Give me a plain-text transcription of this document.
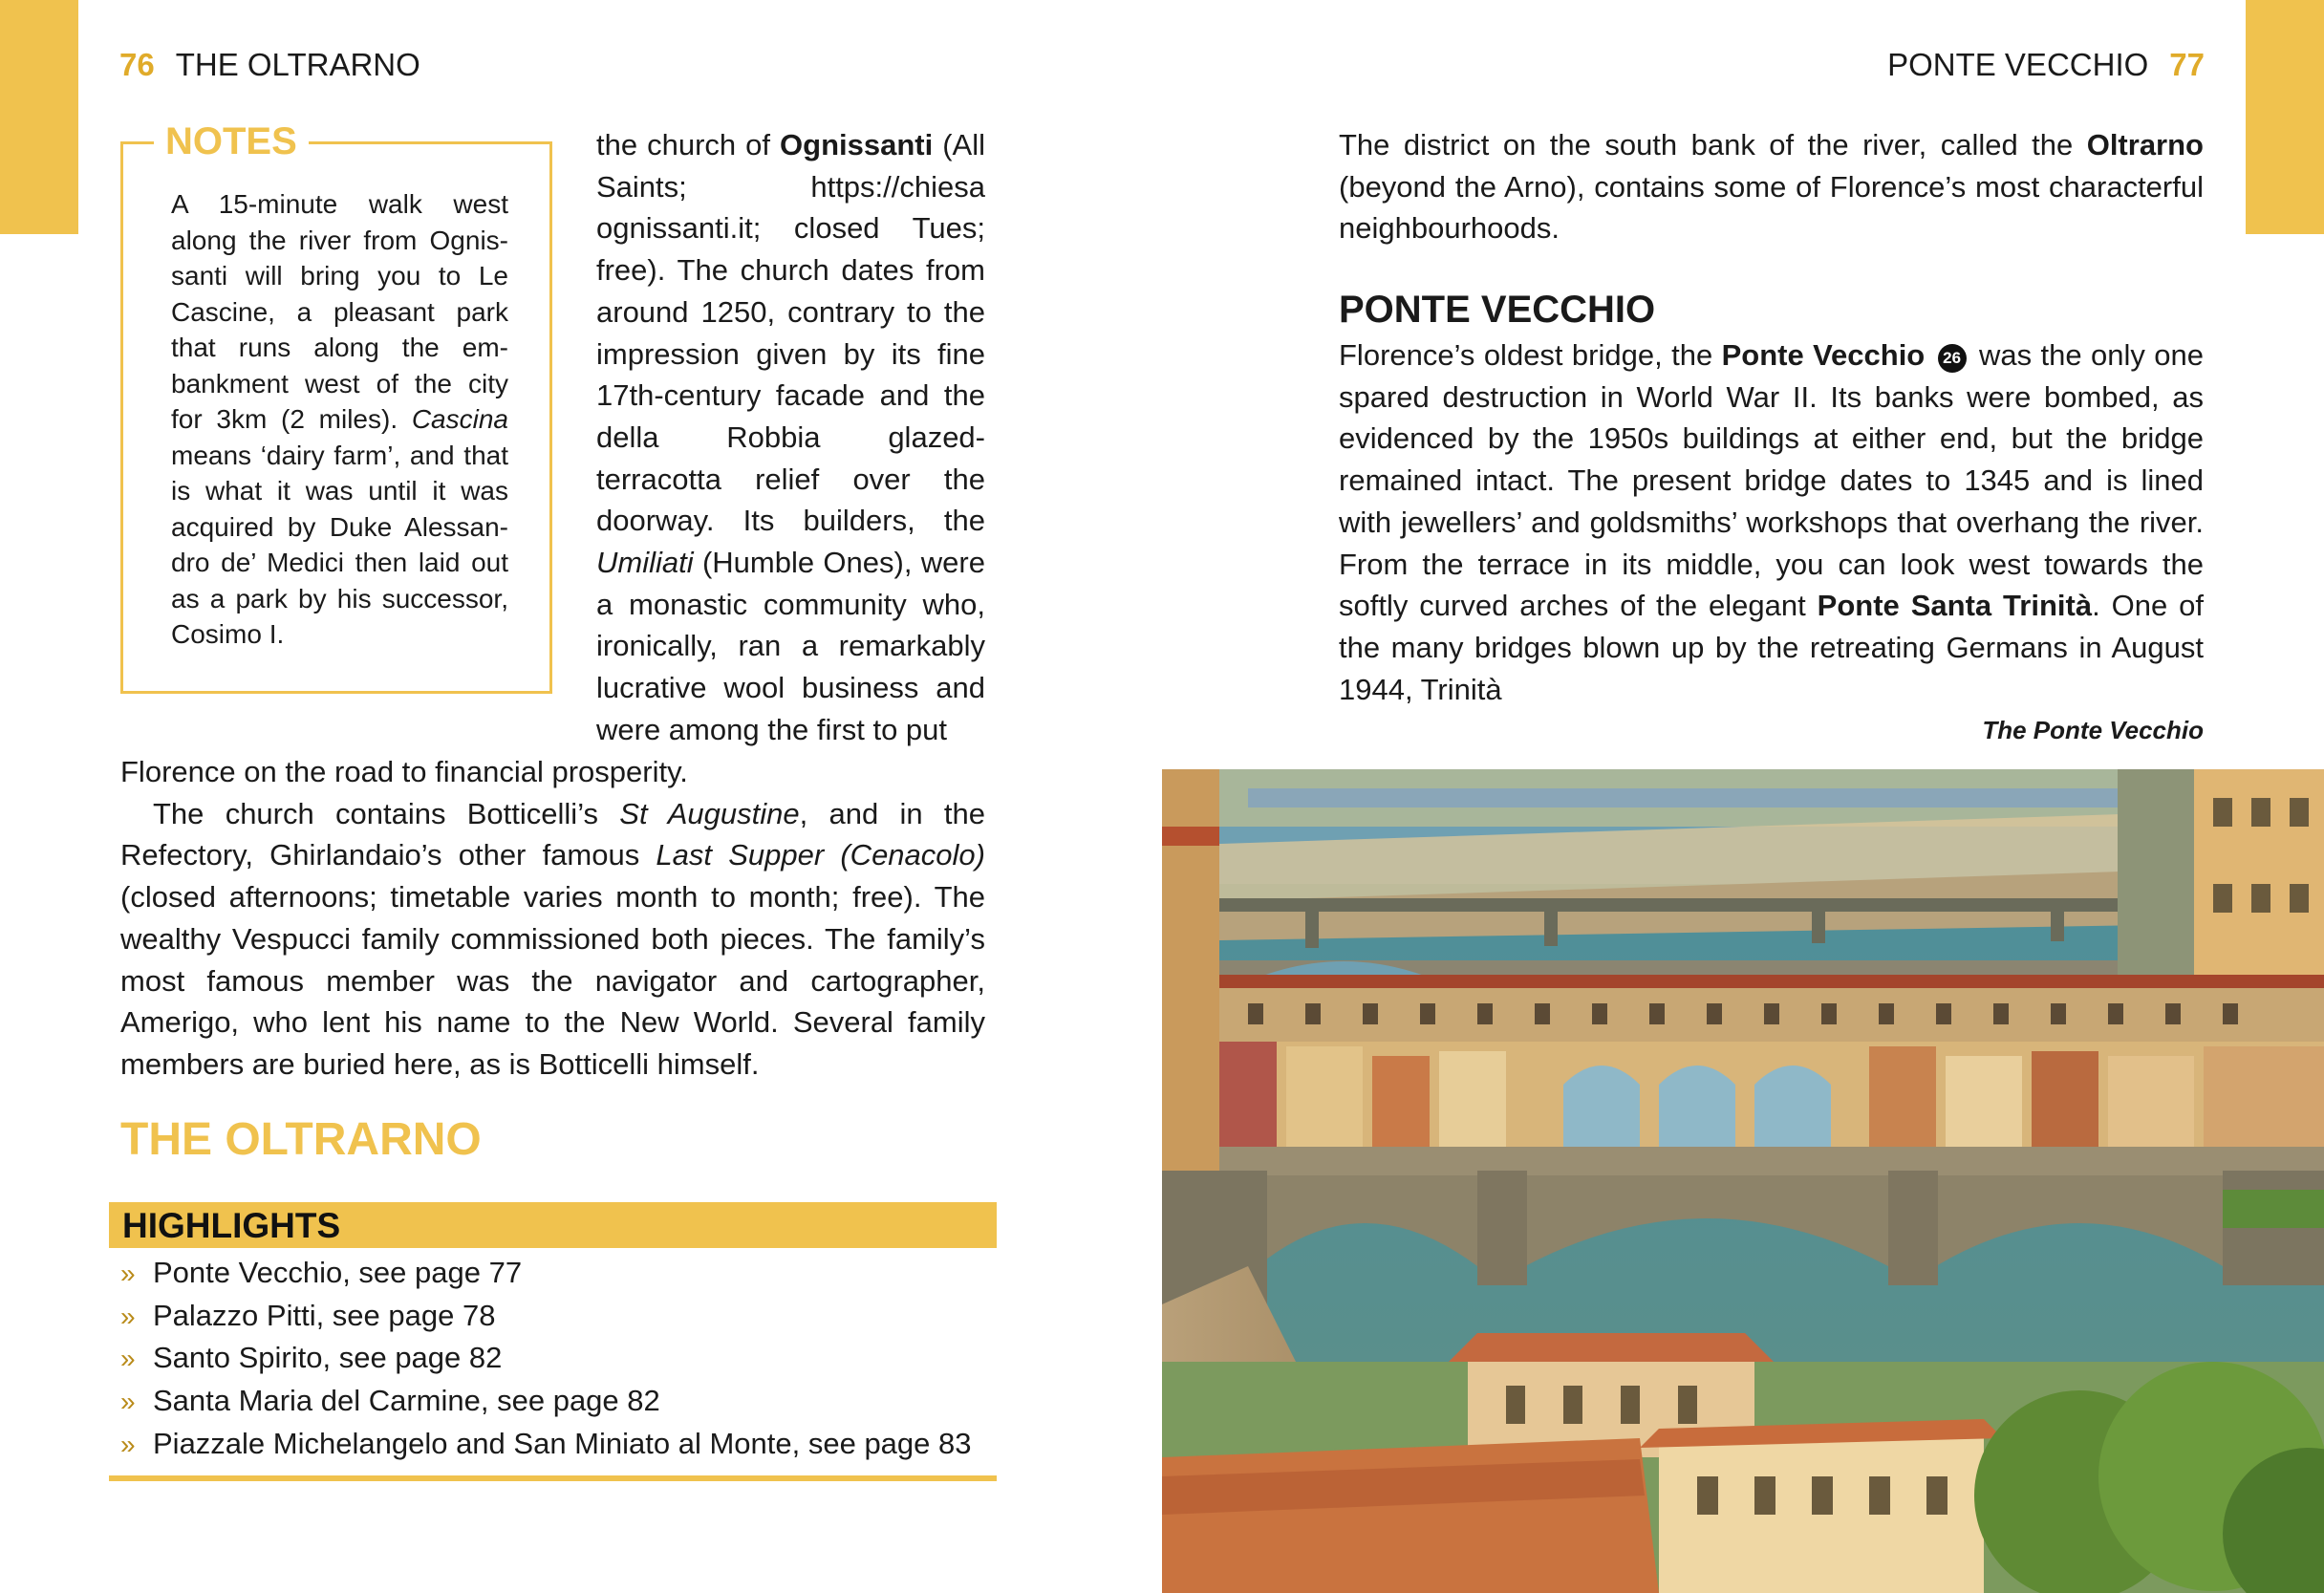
76 THE OLTRARNO	PONTE VECCHIO 77
NOTES
A 15-minute walk west along the river from Ognis-santi will bring you to Le Cascine, a pleasant park that runs along the em-bankment west of the city for 3km (2 miles). Cascina means ‘dairy farm’, and that is what it was until it was acquired by Duke Alessan-dro de’ Medici then laid out as a park by his successor, Cosimo I.
the church of Ognissanti (All Saints; https://chiesa ognissanti.it; closed Tues; free). The church dates from around 1250, contrary to the impression given by its fine 17th-century facade and the della Robbia glazed-terracotta relief over the doorway. Its builders, the Umiliati (Humble Ones), were a monastic community who, ironically, ran a remarkably lucrative wool business and were among the first to put
Florence on the road to financial prosperity.
The church contains Botticelli’s St Augustine, and in the Refectory, Ghirlandaio’s other famous Last Supper (Cenacolo) (closed afternoons; timetable varies month to month; free). The wealthy Vespucci family commissioned both pieces. The family’s most famous member was the navigator and cartographer, Amerigo, who lent his name to the New World. Several family members are buried here, as is Botticelli himself.
THE OLTRARNO
HIGHLIGHTS
» Ponte Vecchio, see page 77
» Palazzo Pitti, see page 78
» Santo Spirito, see page 82
» Santa Maria del Carmine, see page 82
» Piazzale Michelangelo and San Miniato al Monte, see page 83
The district on the south bank of the river, called the Oltrarno (beyond the Arno), contains some of Florence’s most characterful neighbourhoods.
PONTE VECCHIO
Florence’s oldest bridge, the Ponte Vecchio 26 was the only one spared destruction in World War II. Its banks were bombed, as evidenced by the 1950s buildings at either end, but the bridge remained intact. The present bridge dates to 1345 and is lined with jewellers’ and goldsmiths’ workshops that overhang the river. From the terrace in its middle, you can look west towards the softly curved arches of the elegant Ponte Santa Trinità. One of the many bridges blown up by the retreating Germans in August 1944, Trinità
The Ponte Vecchio
